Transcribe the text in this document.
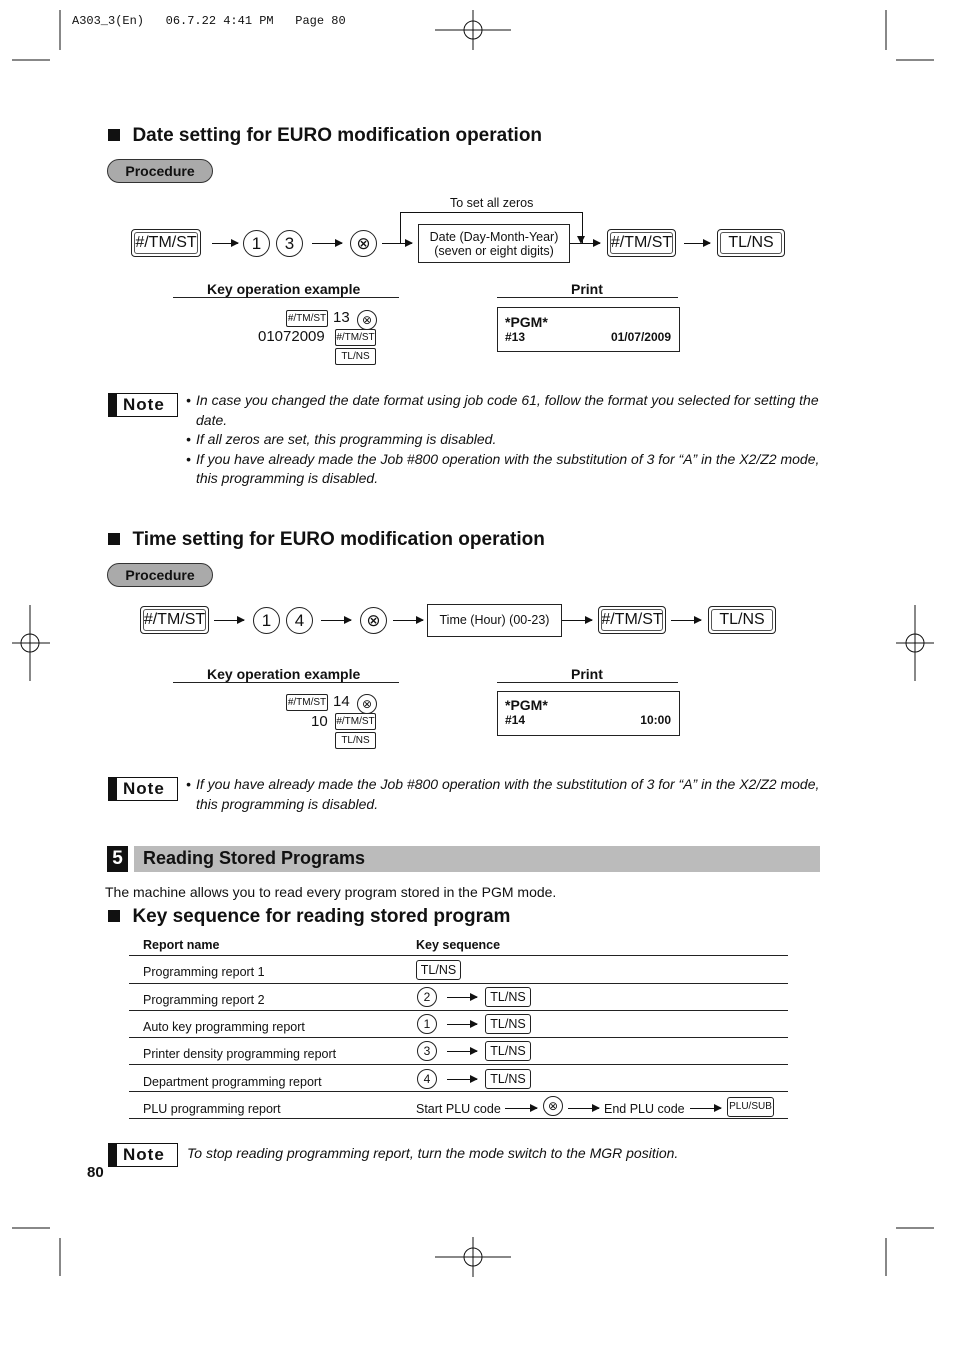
A303_3(En)   06.7.22 4:41 PM   Page 80
Date setting for EURO modification operation
Procedure
#/TM/ST	1	3	⊗
To set all zeros
Date (Day-Month-Year)
(seven or eight digits)	#/TM/ST	TL/NS
Key operation example	Print
#/TM/ST 13	⊗
01072009 #/TM/ST
TL/NS
*PGM*
#13	01/07/2009
Note • In case you changed the date format using job code 61, follow the format you selected for setting the date.
• If all zeros are set, this programming is disabled.
• If you have already made the Job #800 operation with the substitution of 3 for “A” in the X2/Z2 mode, this programming is disabled.
Time setting for EURO modification operation
Procedure
#/TM/ST	1	4	⊗	Time (Hour) (00-23)	#/TM/ST	TL/NS
Key operation example	Print
#/TM/ST 14	⊗
10 #/TM/ST
TL/NS
*PGM*
#14	10:00
Note • If you have already made the Job #800 operation with the substitution of 3 for “A” in the X2/Z2 mode, this programming is disabled.
5 Reading Stored Programs
The machine allows you to read every program stored in the PGM mode.
Key sequence for reading stored program
Report name	Key sequence
Programming report 1	TL/NS
Programming report 2	2	TL/NS
Auto key programming report	1	TL/NS
Printer density programming report	3	TL/NS
Department programming report	4	TL/NS
PLU programming report	Start PLU code	⊗	End PLU code	PLU/SUB
Note To stop reading programming report, turn the mode switch to the MGR position.
80
